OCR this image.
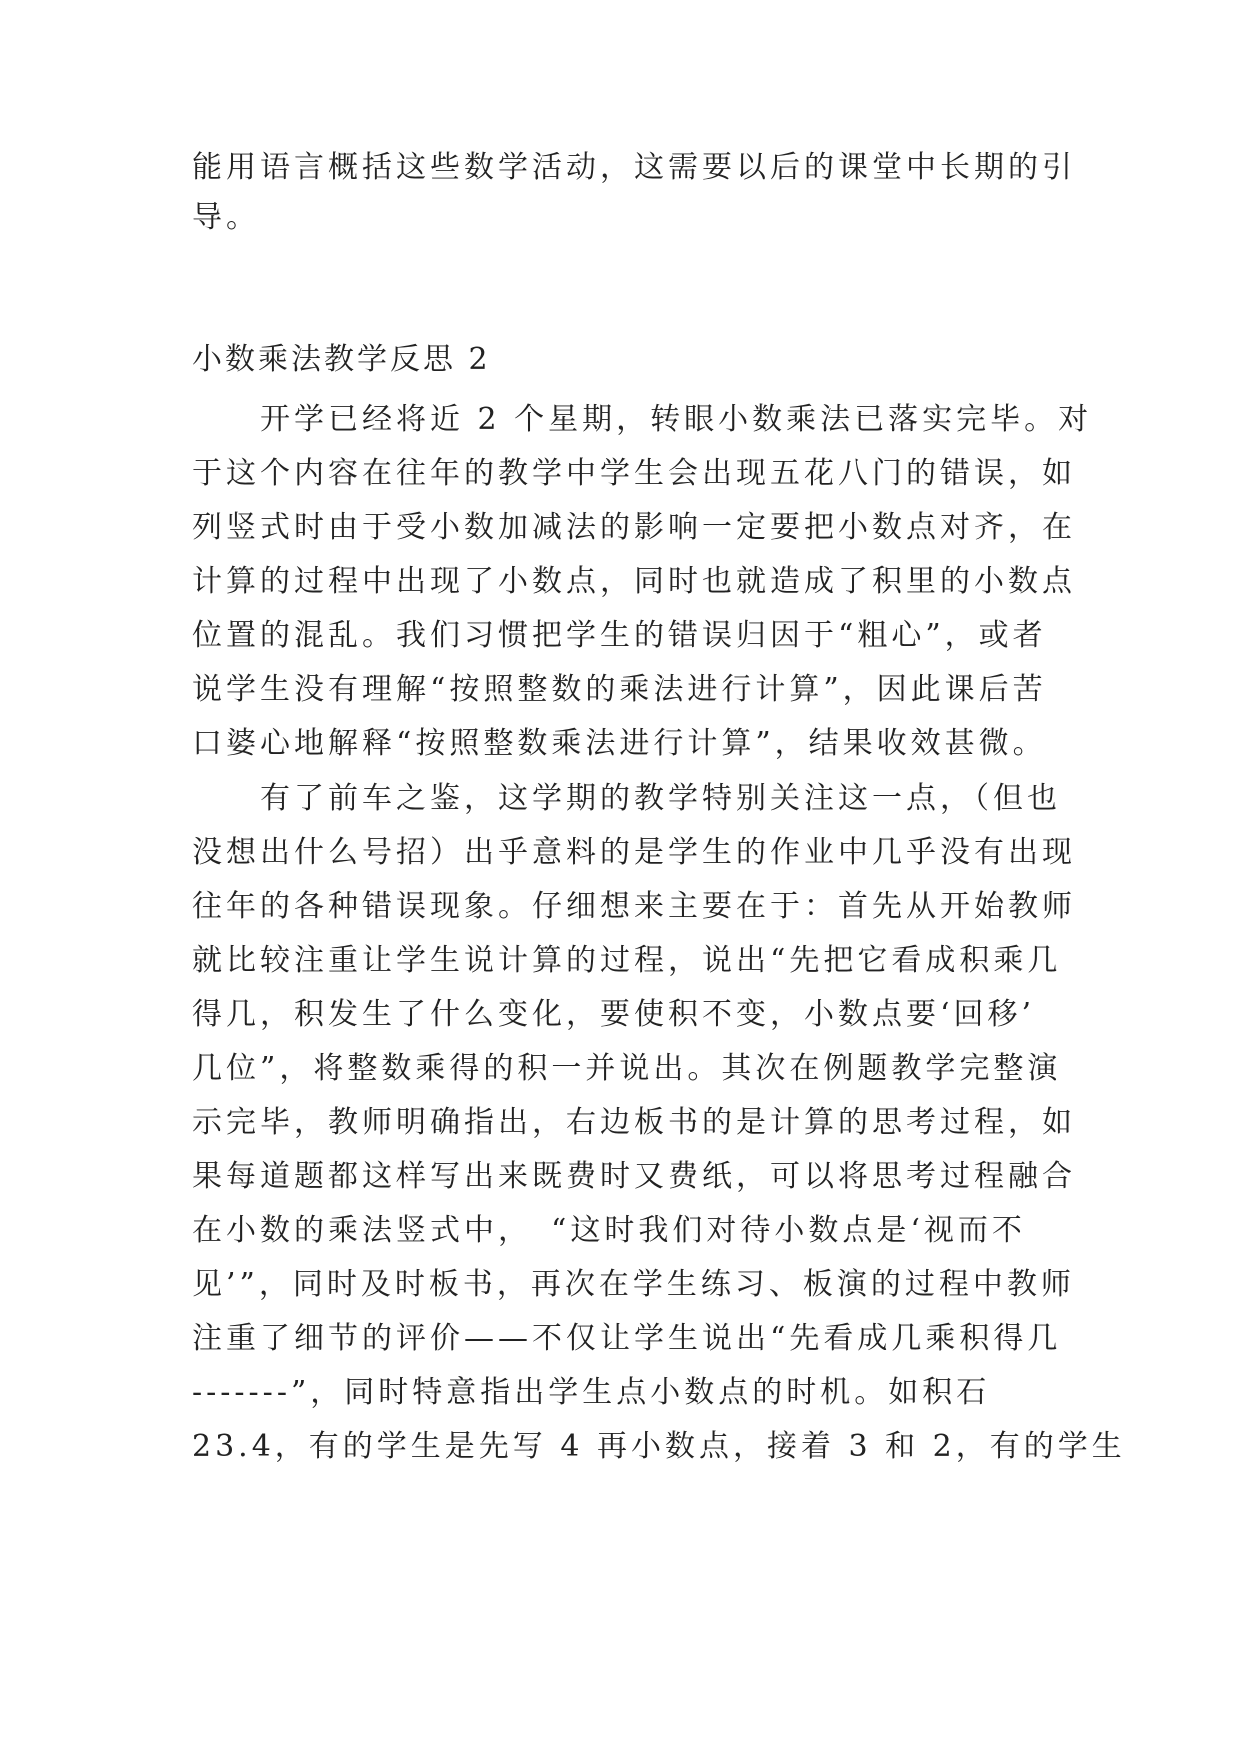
能用语言概括这些数学活动，这需要以后的课堂中长期的引
导。
小数乘法教学反思 2
　　开学已经将近 2 个星期，转眼小数乘法已落实完毕。对
于这个内容在往年的教学中学生会出现五花八门的错误，如
列竖式时由于受小数加减法的影响一定要把小数点对齐，在
计算的过程中出现了小数点，同时也就造成了积里的小数点
位置的混乱。我们习惯把学生的错误归因于“粗心”，或者
说学生没有理解“按照整数的乘法进行计算”，因此课后苦
口婆心地解释“按照整数乘法进行计算”，结果收效甚微。
　　有了前车之鉴，这学期的教学特别关注这一点，（但也
没想出什么号招）出乎意料的是学生的作业中几乎没有出现
往年的各种错误现象。仔细想来主要在于：首先从开始教师
就比较注重让学生说计算的过程，说出“先把它看成积乘几
得几，积发生了什么变化，要使积不变，小数点要‘回移’
几位”，将整数乘得的积一并说出。其次在例题教学完整演
示完毕，教师明确指出，右边板书的是计算的思考过程，如
果每道题都这样写出来既费时又费纸，可以将思考过程融合
在小数的乘法竖式中，　“这时我们对待小数点是‘视而不
见’”，同时及时板书，再次在学生练习、板演的过程中教师
注重了细节的评价——不仅让学生说出“先看成几乘积得几
-------”，同时特意指出学生点小数点的时机。如积石
23.4，有的学生是先写 4 再小数点，接着 3 和 2，有的学生
